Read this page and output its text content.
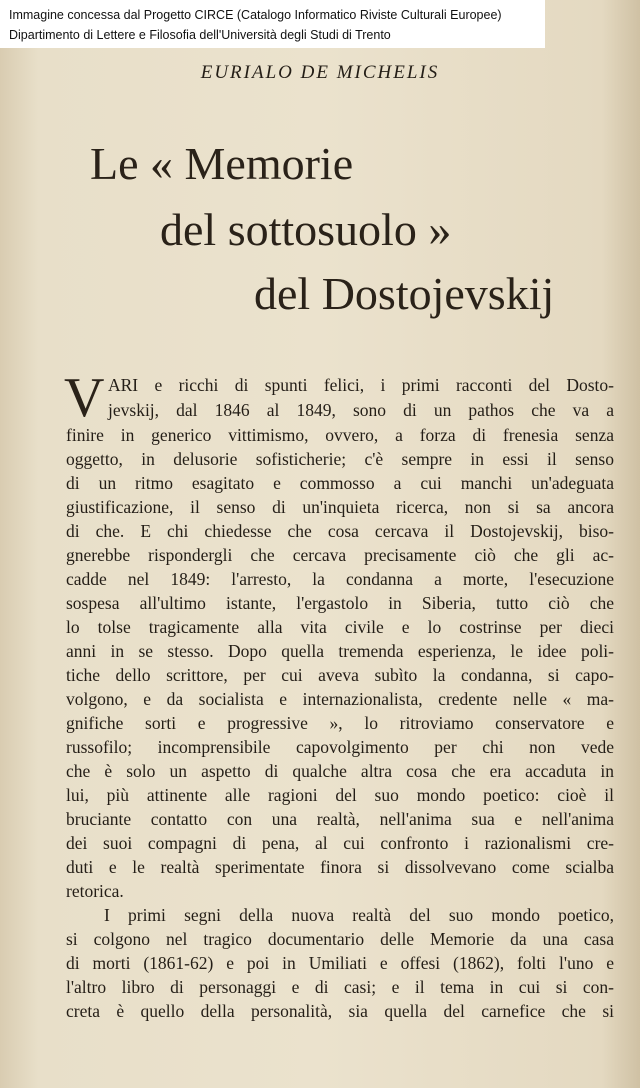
Immagine concessa dal Progetto CIRCE (Catalogo Informatico Riviste Culturali Europee)
Dipartimento di Lettere e Filosofia dell'Università degli Studi di Trento
EURIALO DE MICHELIS
Le « Memorie
del sottosuolo »
del Dostojevskij
V ARI e ricchi di spunti felici, i primi racconti del Dosto-
jevskij, dal 1846 al 1849, sono di un pathos che va a
finire in generico vittimismo, ovvero, a forza di frenesia senza
oggetto, in delusorie sofisticherie; c'è sempre in essi il senso
di un ritmo esagitato e commosso a cui manchi un'adeguata
giustificazione, il senso di un'inquieta ricerca, non si sa ancora
di che. E chi chiedesse che cosa cercava il Dostojevskij, biso-
gnerebbe rispondergli che cercava precisamente ciò che gli ac-
cadde nel 1849: l'arresto, la condanna a morte, l'esecuzione
sospesa all'ultimo istante, l'ergastolo in Siberia, tutto ciò che
lo tolse tragicamente alla vita civile e lo costrinse per dieci
anni in se stesso. Dopo quella tremenda esperienza, le idee poli-
tiche dello scrittore, per cui aveva subìto la condanna, si capo-
volgono, e da socialista e internazionalista, credente nelle « ma-
gnifiche sorti e progressive », lo ritroviamo conservatore e
russofilo; incomprensibile capovolgimento per chi non vede
che è solo un aspetto di qualche altra cosa che era accaduta in
lui, più attinente alle ragioni del suo mondo poetico: cioè il
bruciante contatto con una realtà, nell'anima sua e nell'anima
dei suoi compagni di pena, al cui confronto i razionalismi cre-
duti e le realtà sperimentate finora si dissolvevano come scialba
retorica.
I primi segni della nuova realtà del suo mondo poetico,
si colgono nel tragico documentario delle Memorie da una casa
di morti (1861-62) e poi in Umiliati e offesi (1862), folti l'uno e
l'altro libro di personaggi e di casi; e il tema in cui si con-
creta è quello della personalità, sia quella del carnefice che si
